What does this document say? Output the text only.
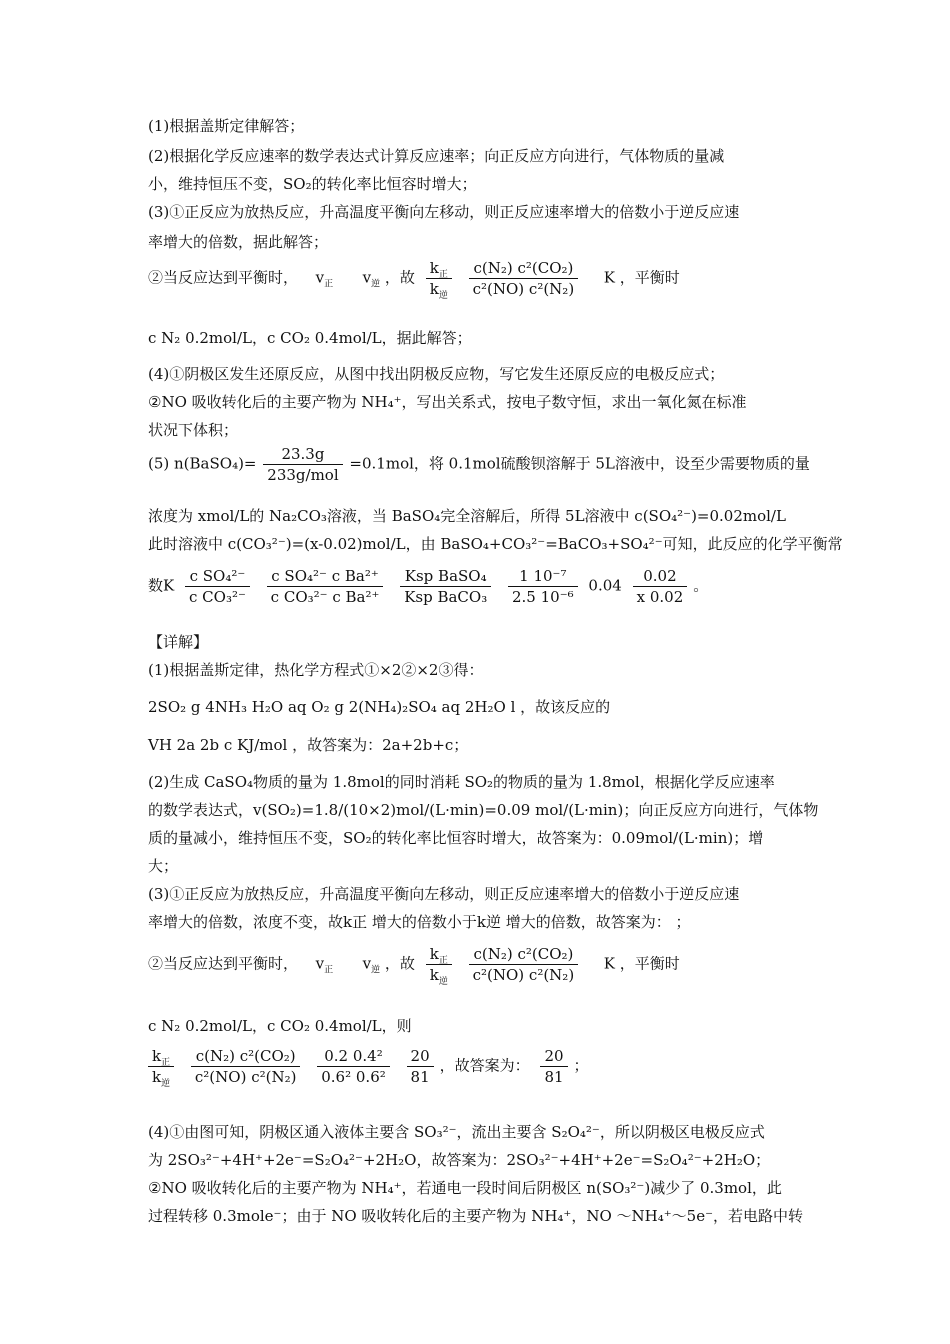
(1)根据盖斯定律解答；
(2)根据化学反应速率的数学表达式计算反应速率；向正反应方向进行，气体物质的量减
小，维持恒压不变，SO₂的转化率比恒容时增大；
(3)①正反应为放热反应，升高温度平衡向左移动，则正反应速率增大的倍数小于逆反应速
率增大的倍数，据此解答；
②当反应达到平衡时， $v_正$ $v_逆$ ，故 $\frac{k_正}{k_逆}$
$\frac{\text{c(N₂) c²(CO₂)}}{\text{c²(NO) c²(N₂)}}$ K ，平衡时
c N₂ 0.2mol/L，c CO₂ 0.4mol/L，据此解答；
(4)①阴极区发生还原反应，从图中找出阴极反应物，写它发生还原反应的电极反应式；
②NO 吸收转化后的主要产物为 NH₄⁺，写出关系式，按电子数守恒，求出一氧化氮在标准
状况下体积；
(5) n(BaSO₄)= $\frac{23.3g}{\text{233g/mol}} =0.1mol$，将 0.1mol硫酸钡溶解于 5L溶液中，设至少需要物质的量
浓度为 xmol/L的 Na₂CO₃溶液，当 BaSO₄完全溶解后，所得 5L溶液中 c(SO₄²⁻)=0.02mol/L
此时溶液中 c(CO₃²⁻)=(x-0.02)mol/L，由 BaSO₄+CO₃²⁻=BaCO₃+SO₄²⁻可知，此反应的化学平衡常
数K $\frac{\text{c SO₄²⁻}}{\text{c CO₃²⁻}}$
$\frac{\text{c SO₄²⁻ c Ba²⁺}}{\text{c CO₃²⁻ c Ba²⁺}}$
$\frac{\text{Ksp BaSO₄}}{\text{Ksp BaCO₃}}$
$\frac{\text{1 10⁻⁷}}{\text{2.5 10⁻⁶}} 0.04 \frac{0.02}{x 0.02}$ 。
【详解】
(1)根据盖斯定律，热化学方程式①×2②×2③得：
2SO₂ g 4NH₃ H₂O aq O₂ g 2(NH₄)₂SO₄ aq 2H₂O l ，故该反应的
VH 2a 2b c KJ/mol ，故答案为：2a+2b+c；
(2)生成 CaSO₄物质的量为 1.8mol的同时消耗 SO₂的物质的量为 1.8mol，根据化学反应速率
的数学表达式，v(SO₂)=1.8/(10×2)mol/(L·min)=0.09 mol/(L·min)；向正反应方向进行，气体物
质的量减小，维持恒压不变，SO₂的转化率比恒容时增大，故答案为：0.09mol/(L·min)；增
大；
(3)①正反应为放热反应，升高温度平衡向左移动，则正反应速率增大的倍数小于逆反应速
率增大的倍数，浓度不变，故k正 增大的倍数小于k逆 增大的倍数，故答案为： ；
②当反应达到平衡时， $v_正$ $v_逆$ ，故 $\frac{k_正}{k_逆}$
$\frac{\text{c(N₂) c²(CO₂)}}{\text{c²(NO) c²(N₂)}}$ K ，平衡时
c N₂ 0.2mol/L，c CO₂ 0.4mol/L，则
$\frac{k_正}{k_逆}$
$\frac{\text{c(N₂) c²(CO₂)}}{\text{c²(NO) c²(N₂)}}$
$\frac{\text{0.2 0.4²}}{\text{0.6² 0.6²}}$
$\frac{20}{81}$ ，故答案为： $\frac{20}{81}$ ；
(4)①由图可知，阴极区通入液体主要含 SO₃²⁻，流出主要含 S₂O₄²⁻，所以阴极区电极反应式
为 2SO₃²⁻+4H⁺+2e⁻=S₂O₄²⁻+2H₂O，故答案为：2SO₃²⁻+4H⁺+2e⁻=S₂O₄²⁻+2H₂O；
②NO 吸收转化后的主要产物为 NH₄⁺，若通电一段时间后阴极区 n(SO₃²⁻)减少了 0.3mol，此
过程转移 0.3mole⁻；由于 NO 吸收转化后的主要产物为 NH₄⁺，NO ～NH₄⁺～5e⁻，若电路中转
